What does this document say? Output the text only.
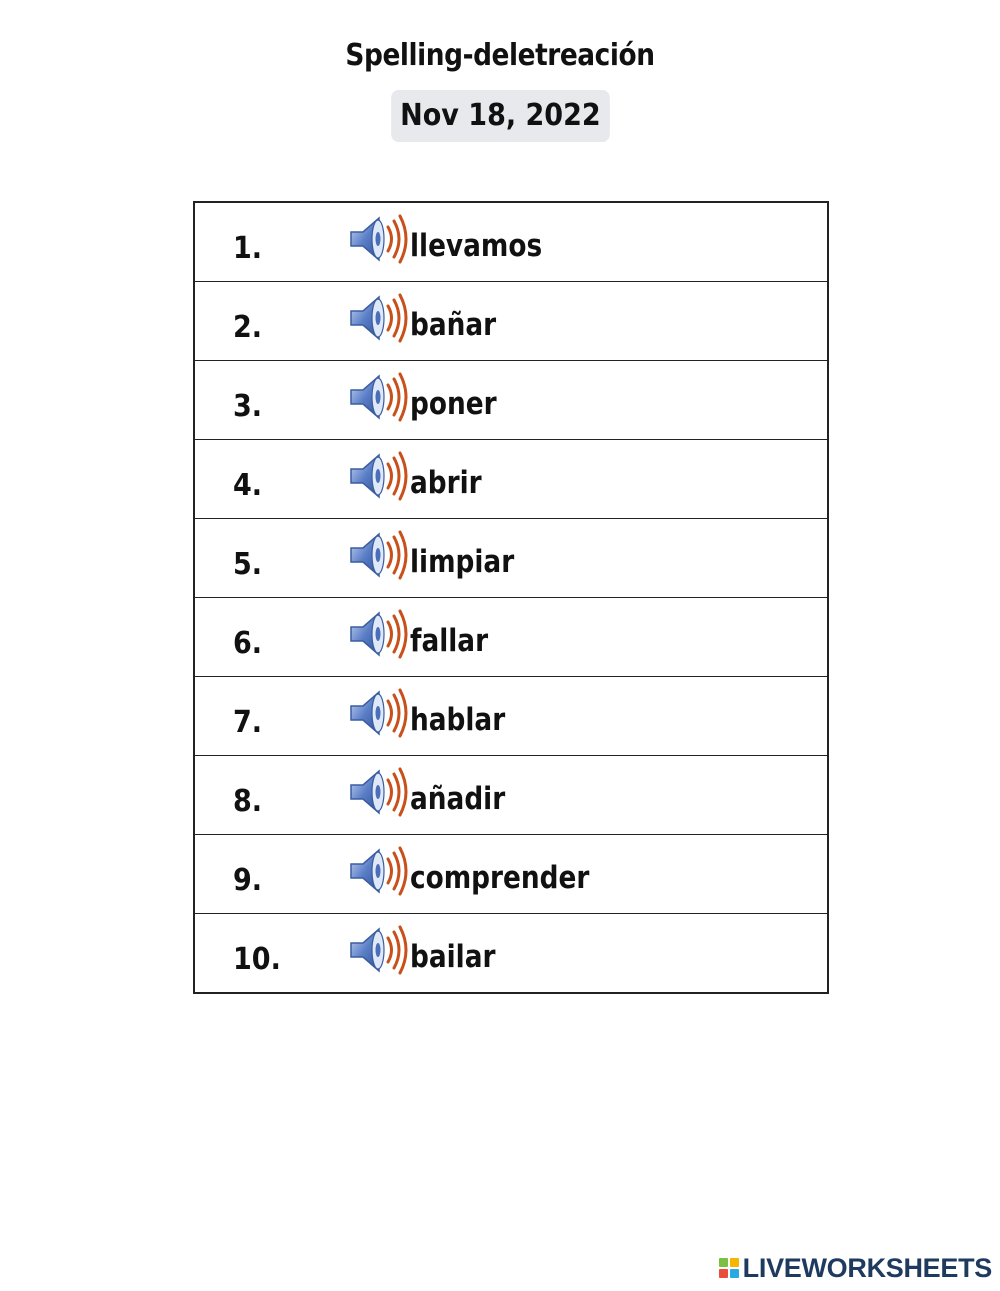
Spelling-deletreación
Nov 18, 2022
1.	llevamos
2.	bañar
3.	poner
4.	abrir
5.	limpiar
6.	fallar
7.	hablar
8.	añadir
9.	comprender
10.	bailar
LIVEWORKSHEETS
